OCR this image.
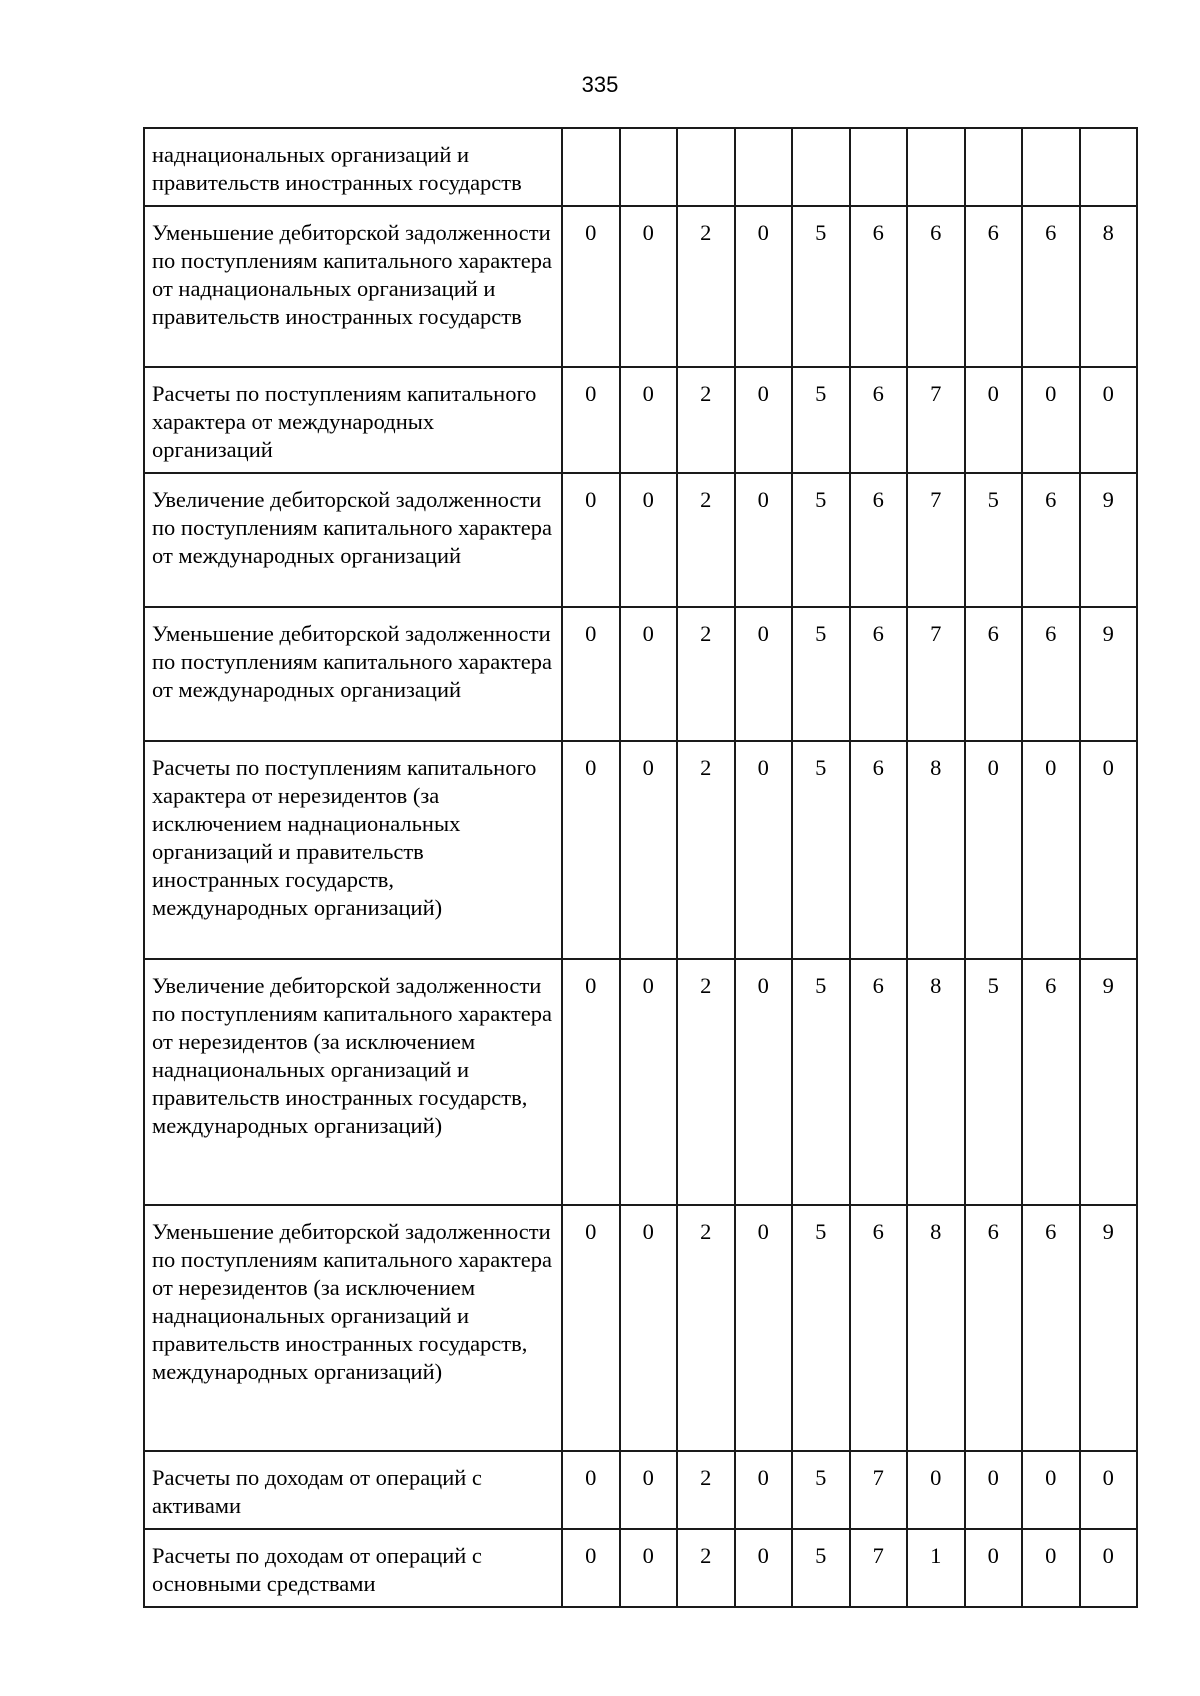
335
наднациональных организаций и правительств иностранных государств										
Уменьшение дебиторской задолженности по поступлениям капитального характера от наднациональных организаций и правительств иностранных государств	0	0	2	0	5	6	6	6	6	8
Расчеты по поступлениям капитального характера от международных организаций	0	0	2	0	5	6	7	0	0	0
Увеличение дебиторской задолженности по поступлениям капитального характера от международных организаций	0	0	2	0	5	6	7	5	6	9
Уменьшение дебиторской задолженности по поступлениям капитального характера от международных организаций	0	0	2	0	5	6	7	6	6	9
Расчеты по поступлениям капитального характера от нерезидентов (за исключением наднациональных организаций и правительств иностранных государств, международных организаций)	0	0	2	0	5	6	8	0	0	0
Увеличение дебиторской задолженности по поступлениям капитального характера от нерезидентов (за исключением наднациональных организаций и правительств иностранных государств, международных организаций)	0	0	2	0	5	6	8	5	6	9
Уменьшение дебиторской задолженности по поступлениям капитального характера от нерезидентов (за исключением наднациональных организаций и правительств иностранных государств, международных организаций)	0	0	2	0	5	6	8	6	6	9
Расчеты по доходам от операций с активами	0	0	2	0	5	7	0	0	0	0
Расчеты по доходам от операций с основными средствами	0	0	2	0	5	7	1	0	0	0
